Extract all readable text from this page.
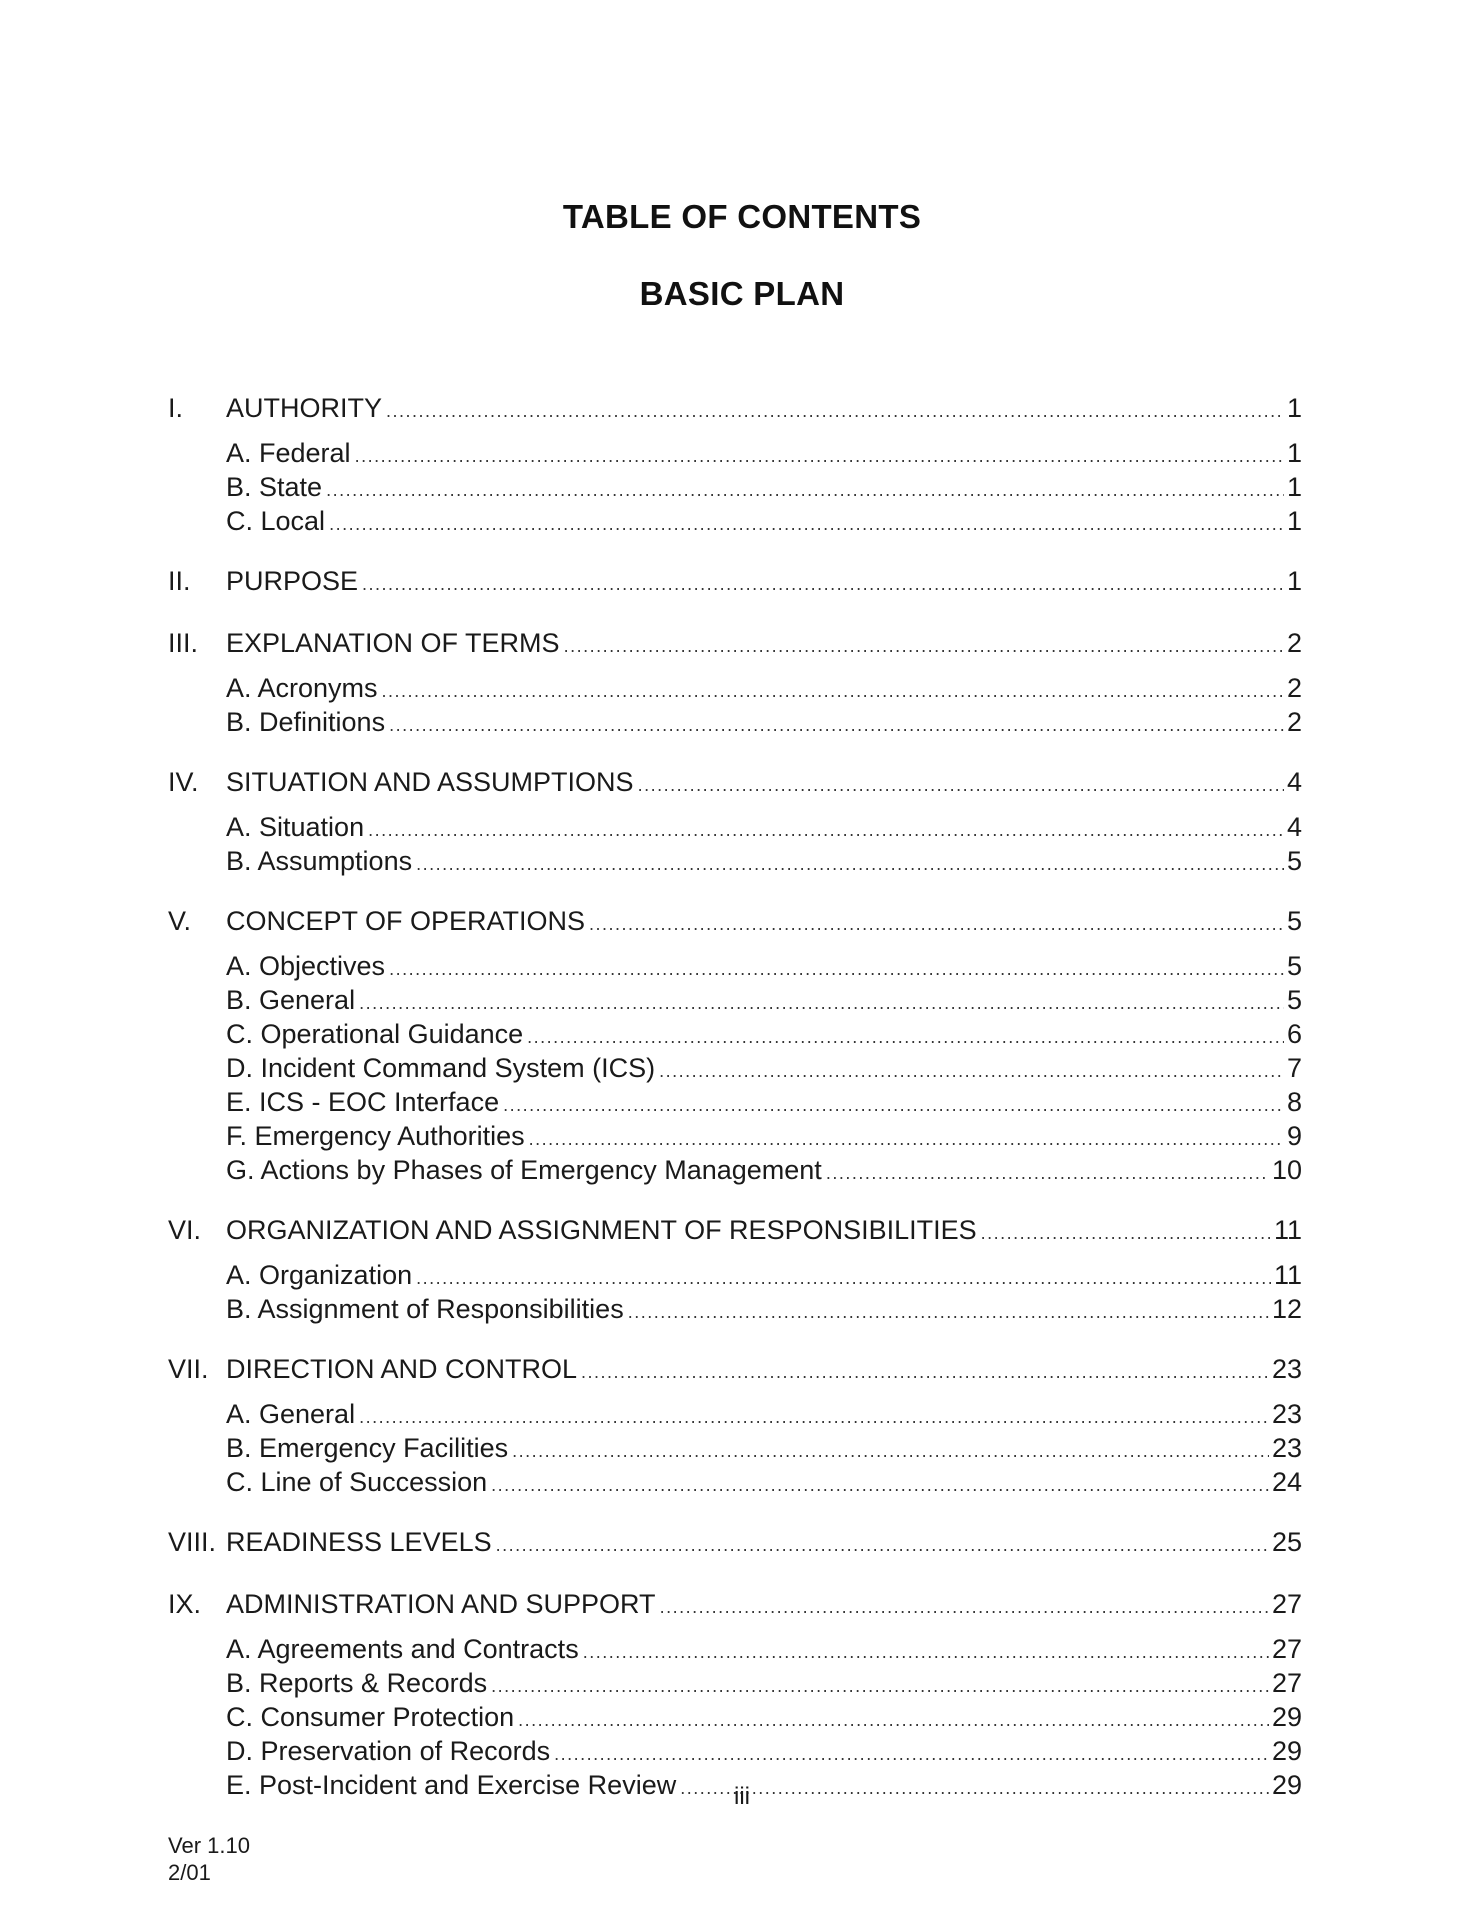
TABLE OF CONTENTS
BASIC PLAN
I.	AUTHORITY .....	1
A. Federal .....	1
B. State .....	1
C. Local .....	1
II.	PURPOSE .....	1
III.	EXPLANATION OF TERMS .....	2
A. Acronyms .....	2
B. Definitions .....	2
IV.	SITUATION AND ASSUMPTIONS .....	4
A. Situation .....	4
B. Assumptions .....	5
V.	CONCEPT OF OPERATIONS .....	5
A. Objectives .....	5
B. General .....	5
C. Operational Guidance .....	6
D. Incident Command System (ICS) .....	7
E. ICS - EOC Interface .....	8
F. Emergency Authorities .....	9
G. Actions by Phases of Emergency Management .....	10
VI. ORGANIZATION AND ASSIGNMENT OF RESPONSIBILITIES .....	11
A. Organization .....	11
B. Assignment of Responsibilities .....	12
VII. DIRECTION AND CONTROL .....	23
A. General .....	23
B. Emergency Facilities .....	23
C. Line of Succession .....	24
VIII. READINESS LEVELS .....	25
IX. ADMINISTRATION AND SUPPORT .....	27
A. Agreements and Contracts .....	27
B. Reports & Records .....	27
C. Consumer Protection .....	29
D. Preservation of Records .....	29
E. Post-Incident and Exercise Review .....	29
iii
Ver 1.10
2/01
